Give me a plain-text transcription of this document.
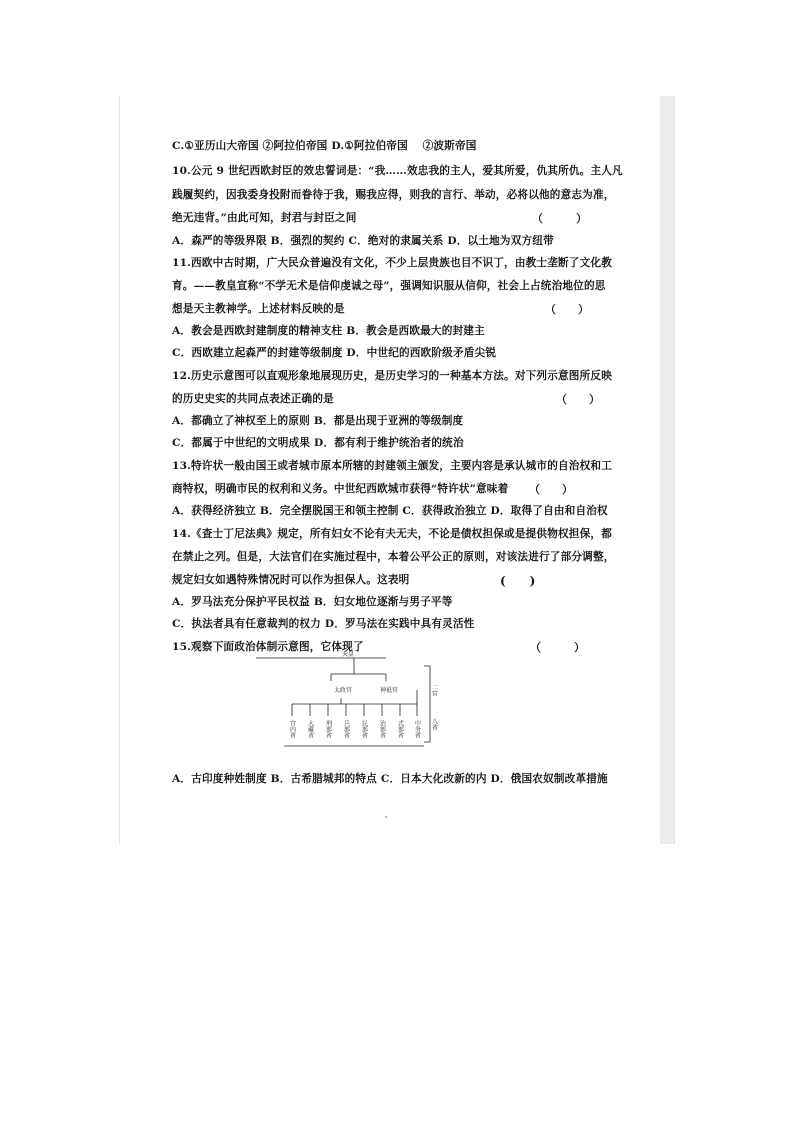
C.①亚历山大帝国 ②阿拉伯帝国 D.①阿拉伯帝国　 ②波斯帝国
10.公元 9 世纪西欧封臣的效忠誓词是：“我……效忠我的主人，爱其所爱，仇其所仇。主人凡
践履契约，因我委身投附而眷待于我，赐我应得，则我的言行、举动，必将以他的意志为准，
绝无违背。”由此可知，封君与封臣之间
A．森严的等级界限 B．强烈的契约 C．绝对的隶属关系 D．以土地为双方纽带
11.西欧中古时期，广大民众普遍没有文化，不少上层贵族也目不识丁，由教士垄断了文化教
育。——教皇宣称“不学无术是信仰虔诚之母”，强调知识服从信仰，社会上占统治地位的思
想是天主教神学。上述材料反映的是
A．教会是西欧封建制度的精神支柱 B．教会是西欧最大的封建主
C．西欧建立起森严的封建等级制度 D．中世纪的西欧阶级矛盾尖锐
12.历史示意图可以直观形象地展现历史，是历史学习的一种基本方法。对下列示意图所反映
的历史史实的共同点表述正确的是
A．都确立了神权至上的原则 B．都是出现于亚洲的等级制度
C．都属于中世纪的文明成果 D．都有利于维护统治者的统治
13.特许状一般由国王或者城市原本所辖的封建领主颁发，主要内容是承认城市的自治权和工
商特权，明确市民的权利和义务。中世纪西欧城市获得“特许状”意味着
A．获得经济独立 B．完全摆脱国王和领主控制 C．获得政治独立 D．取得了自由和自治权
14.《查士丁尼法典》规定，所有妇女不论有夫无夫，不论是债权担保或是提供物权担保，都
在禁止之列。但是，大法官们在实施过程中，本着公平公正的原则，对该法进行了部分调整，
规定妇女如遇特殊情况时可以作为担保人。这表明
A．罗马法充分保护平民权益 B．妇女地位逐渐与男子平等
C．执法者具有任意裁判的权力 D．罗马法在实践中具有灵活性
15.观察下面政治体制示意图，它体现了
A．古印度种姓制度 B．古希腊城邦的特点 C．日本大化改新的内 D．俄国农奴制改革措施
（　　　）
（　　）
（　　）
（　　）
(　　)
（　　　）
天皇
太政官	神祇官	二官
八省
宫内省 大藏省 刑部省 兵部省 民部省 治部省 式部省 中务省
